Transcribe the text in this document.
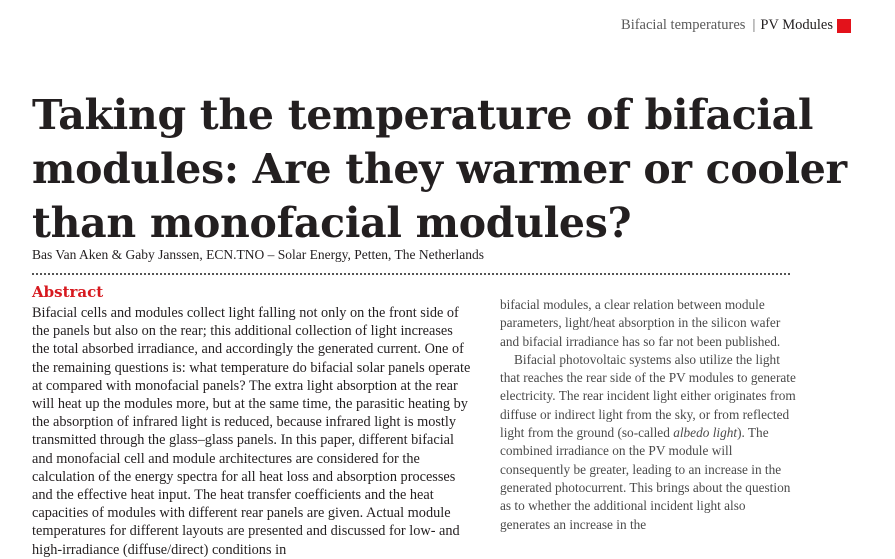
Bifacial temperatures | PV Modules
Taking the temperature of bifacial modules: Are they warmer or cooler than monofacial modules?
Bas Van Aken & Gaby Janssen, ECN.TNO – Solar Energy, Petten, The Netherlands
Abstract

Bifacial cells and modules collect light falling not only on the front side of the panels but also on the rear; this additional collection of light increases the total absorbed irradiance, and accordingly the generated current. One of the remaining questions is: what temperature do bifacial solar panels operate at compared with monofacial panels? The extra light absorption at the rear will heat up the modules more, but at the same time, the parasitic heating by the absorption of infrared light is reduced, because infrared light is mostly transmitted through the glass–glass panels. In this paper, different bifacial and monofacial cell and module architectures are considered for the calculation of the energy spectra for all heat loss and absorption processes and the effective heat input. The heat transfer coefficients and the heat capacities of modules with different rear panels are given. Actual module temperatures for different layouts are presented and discussed for low- and high-irradiance (diffuse/direct) conditions in

bifacial modules, a clear relation between module parameters, light/heat absorption in the silicon wafer and bifacial irradiance has so far not been published.

Bifacial photovoltaic systems also utilize the light that reaches the rear side of the PV modules to generate electricity. The rear incident light either originates from diffuse or indirect light from the sky, or from reflected light from the ground (so-called albedo light). The combined irradiance on the PV module will consequently be greater, leading to an increase in the generated photocurrent. This brings about the question as to whether the additional incident light also generates an increase in the
